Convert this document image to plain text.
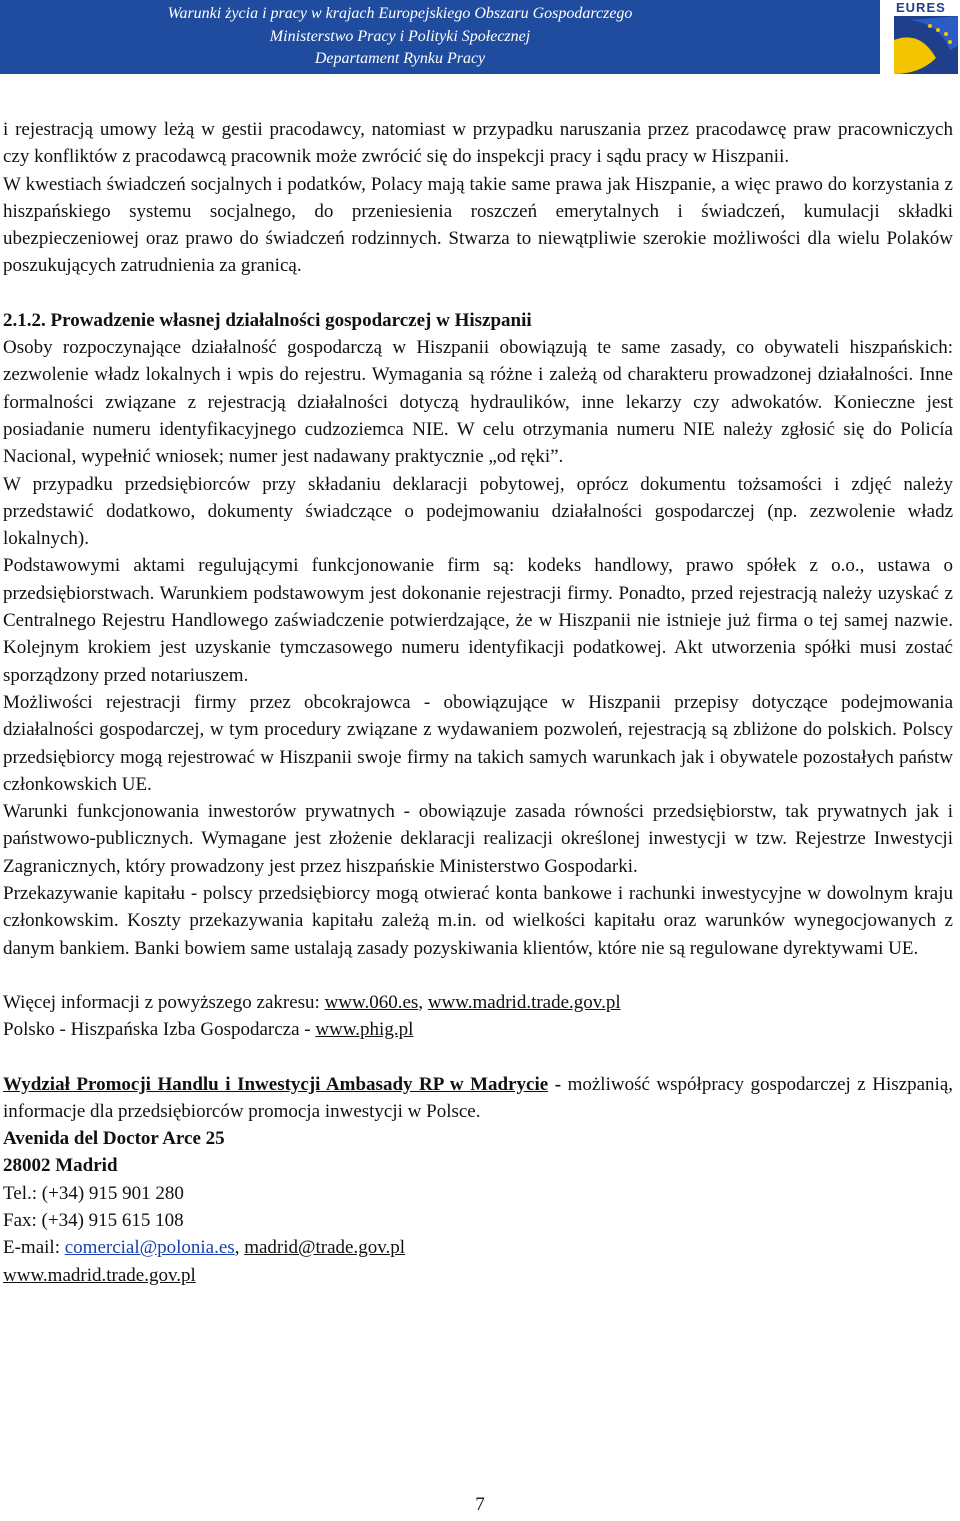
Warunki życia i pracy w krajach Europejskiego Obszaru Gospodarczego
Ministerstwo Pracy i Polityki Społecznej
Departament Rynku Pracy
EURES

i rejestracją umowy leżą w gestii pracodawcy, natomiast w przypadku naruszania przez pracodawcę praw pracowniczych czy konfliktów z pracodawcą pracownik może zwrócić się do inspekcji pracy i sądu pracy w Hiszpanii.

W kwestiach świadczeń socjalnych i podatków, Polacy mają takie same prawa jak Hiszpanie, a więc prawo do korzystania z hiszpańskiego systemu socjalnego, do przeniesienia roszczeń emerytalnych i świadczeń, kumulacji składki ubezpieczeniowej oraz prawo do świadczeń rodzinnych. Stwarza to niewątpliwie szerokie możliwości dla wielu Polaków poszukujących zatrudnienia za granicą.

2.1.2. Prowadzenie własnej działalności gospodarczej w Hiszpanii

Osoby rozpoczynające działalność gospodarczą w Hiszpanii obowiązują te same zasady, co obywateli hiszpańskich: zezwolenie władz lokalnych i wpis do rejestru. Wymagania są różne i zależą od charakteru prowadzonej działalności. Inne formalności związane z rejestracją działalności dotyczą hydraulików, inne lekarzy czy adwokatów. Konieczne jest posiadanie numeru identyfikacyjnego cudzoziemca NIE. W celu otrzymania numeru NIE należy zgłosić się do Policía Nacional, wypełnić wniosek; numer jest nadawany praktycznie „od ręki”.

W przypadku przedsiębiorców przy składaniu deklaracji pobytowej, oprócz dokumentu tożsamości i zdjęć należy przedstawić dodatkowo, dokumenty świadczące o podejmowaniu działalności gospodarczej (np. zezwolenie władz lokalnych).

Podstawowymi aktami regulującymi funkcjonowanie firm są: kodeks handlowy, prawo spółek z o.o., ustawa o przedsiębiorstwach. Warunkiem podstawowym jest dokonanie rejestracji firmy. Ponadto, przed rejestracją należy uzyskać z Centralnego Rejestru Handlowego zaświadczenie potwierdzające, że w Hiszpanii nie istnieje już firma o tej samej nazwie. Kolejnym krokiem jest uzyskanie tymczasowego numeru identyfikacji podatkowej. Akt utworzenia spółki musi zostać sporządzony przed notariuszem.

Możliwości rejestracji firmy przez obcokrajowca - obowiązujące w Hiszpanii przepisy dotyczące podejmowania działalności gospodarczej, w tym procedury związane z wydawaniem pozwoleń, rejestracją są zbliżone do polskich. Polscy przedsiębiorcy mogą rejestrować w Hiszpanii swoje firmy na takich samych warunkach jak i obywatele pozostałych państw członkowskich UE.

Warunki funkcjonowania inwestorów prywatnych - obowiązuje zasada równości przedsiębiorstw, tak prywatnych jak i państwowo-publicznych. Wymagane jest złożenie deklaracji realizacji określonej inwestycji w tzw. Rejestrze Inwestycji Zagranicznych, który prowadzony jest przez hiszpańskie Ministerstwo Gospodarki.

Przekazywanie kapitału - polscy przedsiębiorcy mogą otwierać konta bankowe i rachunki inwestycyjne w dowolnym kraju członkowskim. Koszty przekazywania kapitału zależą m.in. od wielkości kapitału oraz warunków wynegocjowanych z danym bankiem. Banki bowiem same ustalają zasady pozyskiwania klientów, które nie są regulowane dyrektywami UE.

Więcej informacji z powyższego zakresu: www.060.es, www.madrid.trade.gov.pl

Polsko - Hiszpańska Izba Gospodarcza - www.phig.pl

Wydział Promocji Handlu i Inwestycji Ambasady RP w Madrycie - możliwość współpracy gospodarczej z Hiszpanią, informacje dla przedsiębiorców promocja inwestycji w Polsce.

Avenida del Doctor Arce 25

28002 Madrid

Tel.: (+34) 915 901 280

Fax: (+34) 915 615 108

E-mail: comercial@polonia.es, madrid@trade.gov.pl

www.madrid.trade.gov.pl

7
